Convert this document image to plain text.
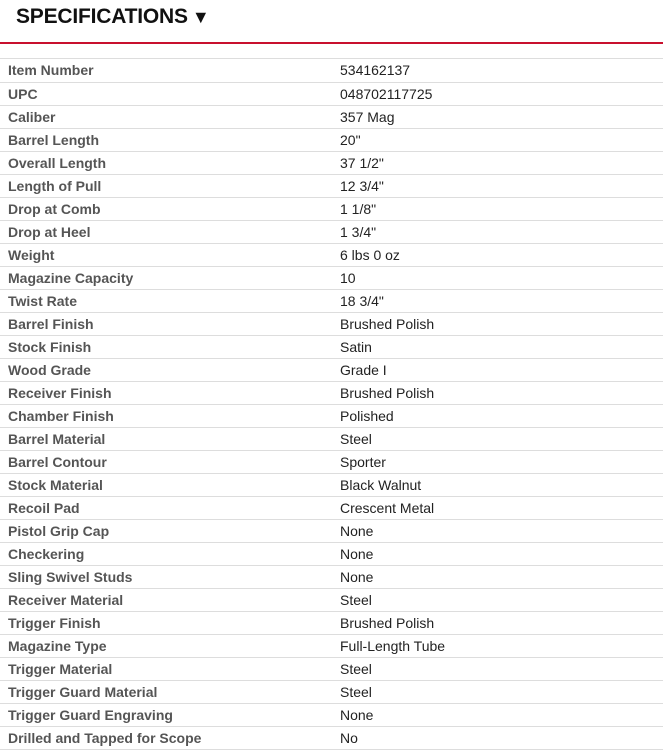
SPECIFICATIONS ▼
Item Number	534162137
UPC	048702117725
Caliber	357 Mag
Barrel Length	20"
Overall Length	37 1/2"
Length of Pull	12 3/4"
Drop at Comb	1 1/8"
Drop at Heel	1 3/4"
Weight	6 lbs 0 oz
Magazine Capacity	10
Twist Rate	18 3/4"
Barrel Finish	Brushed Polish
Stock Finish	Satin
Wood Grade	Grade I
Receiver Finish	Brushed Polish
Chamber Finish	Polished
Barrel Material	Steel
Barrel Contour	Sporter
Stock Material	Black Walnut
Recoil Pad	Crescent Metal
Pistol Grip Cap	None
Checkering	None
Sling Swivel Studs	None
Receiver Material	Steel
Trigger Finish	Brushed Polish
Magazine Type	Full-Length Tube
Trigger Material	Steel
Trigger Guard Material	Steel
Trigger Guard Engraving	None
Drilled and Tapped for Scope	No
